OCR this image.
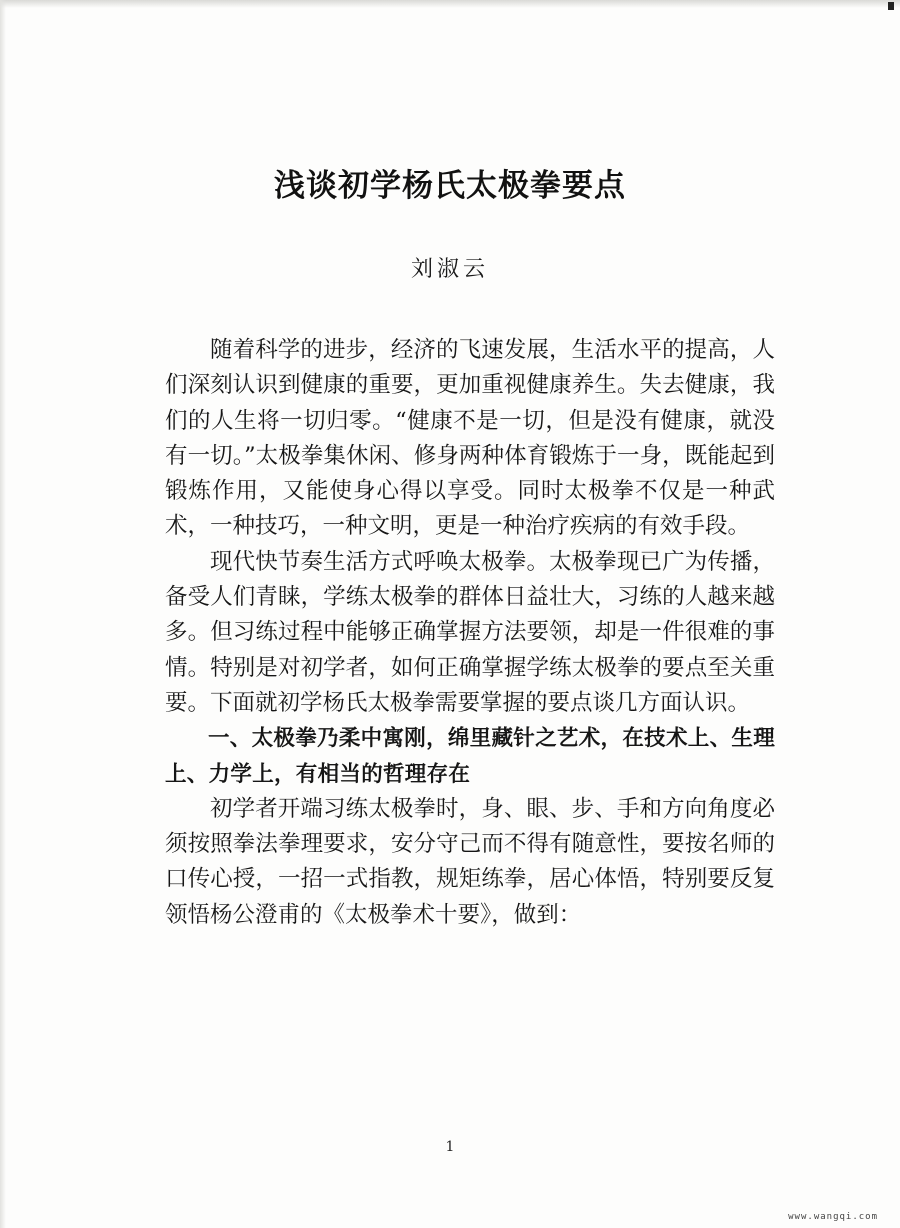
浅谈初学杨氏太极拳要点
刘淑云

随着科学的进步，经济的飞速发展，生活水平的提高，人们深刻认识到健康的重要，更加重视健康养生。失去健康，我们的人生将一切归零。“健康不是一切，但是没有健康，就没有一切。”太极拳集休闲、修身两种体育锻炼于一身，既能起到锻炼作用，又能使身心得以享受。同时太极拳不仅是一种武术，一种技巧，一种文明，更是一种治疗疾病的有效手段。

现代快节奏生活方式呼唤太极拳。太极拳现已广为传播，备受人们青睐，学练太极拳的群体日益壮大，习练的人越来越多。但习练过程中能够正确掌握方法要领，却是一件很难的事情。特别是对初学者，如何正确掌握学练太极拳的要点至关重要。下面就初学杨氏太极拳需要掌握的要点谈几方面认识。

一、太极拳乃柔中寓刚，绵里藏针之艺术，在技术上、生理上、力学上，有相当的哲理存在

初学者开端习练太极拳时，身、眼、步、手和方向角度必须按照拳法拳理要求，安分守己而不得有随意性，要按名师的口传心授，一招一式指教，规矩练拳，居心体悟，特别要反复领悟杨公澄甫的《太极拳术十要》，做到：

1
www.wangqi.com
